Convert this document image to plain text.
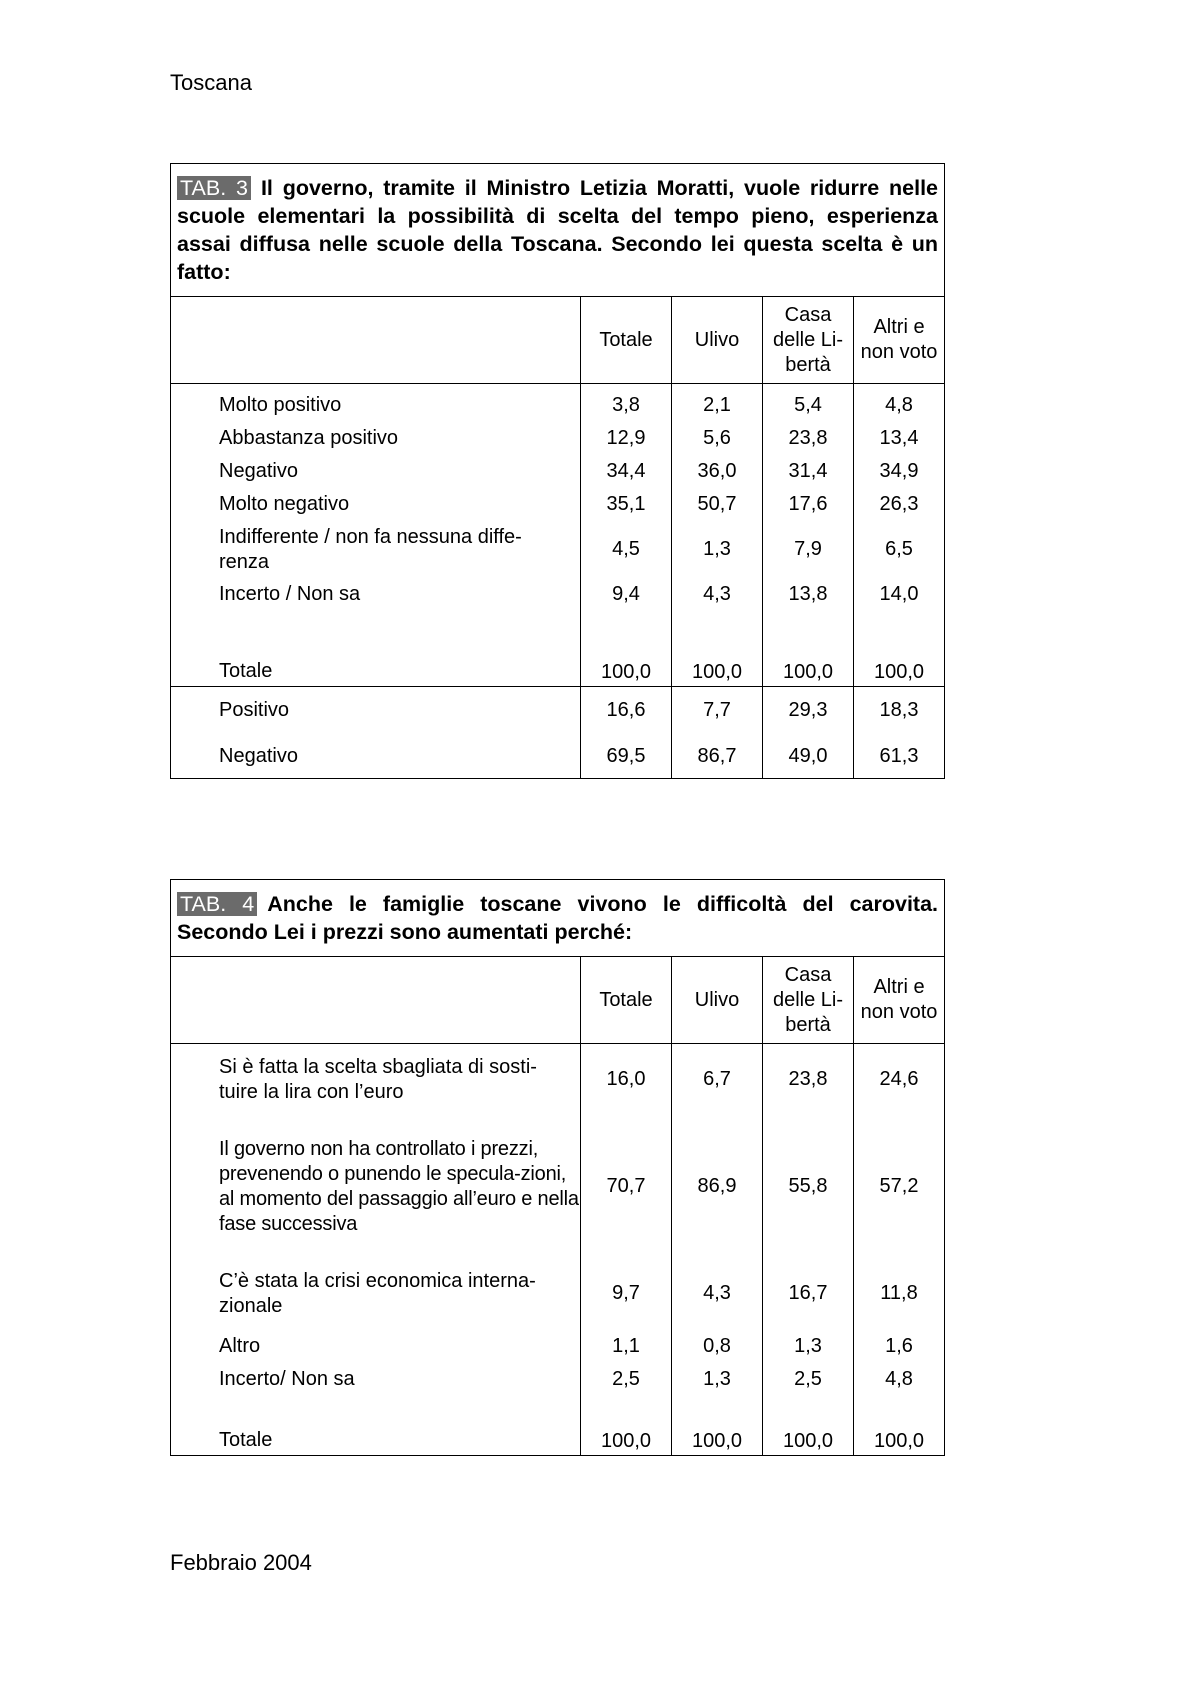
Toscana
TAB. 3 Il governo, tramite il Ministro Letizia Moratti, vuole ridurre nelle scuole elementari la possibilità di scelta del tempo pieno, esperienza assai diffusa nelle scuole della Toscana. Secondo lei questa scelta è un fatto:				
	Totale	Ulivo	Casa delle Li-bertà	Altri e non voto
Molto positivo	3,8	2,1	5,4	4,8
Abbastanza positivo	12,9	5,6	23,8	13,4
Negativo	34,4	36,0	31,4	34,9
Molto negativo	35,1	50,7	17,6	26,3
Indifferente / non fa nessuna diffe-renza	4,5	1,3	7,9	6,5
Incerto / Non sa	9,4	4,3	13,8	14,0
Totale	100,0	100,0	100,0	100,0
Positivo	16,6	7,7	29,3	18,3
Negativo	69,5	86,7	49,0	61,3
TAB. 4 Anche le famiglie toscane vivono le difficoltà del carovita. Secondo Lei i prezzi sono aumentati perché:				
	Totale	Ulivo	Casa delle Li-bertà	Altri e non voto
Si è fatta la scelta sbagliata di sosti-tuire la lira con l’euro	16,0	6,7	23,8	24,6
Il governo non ha controllato i prezzi, prevenendo o punendo le specula-zioni, al momento del passaggio all’euro e nella fase successiva	70,7	86,9	55,8	57,2
C’è stata la crisi economica interna-zionale	9,7	4,3	16,7	11,8
Altro	1,1	0,8	1,3	1,6
Incerto/ Non sa	2,5	1,3	2,5	4,8
Totale	100,0	100,0	100,0	100,0
Febbraio 2004
